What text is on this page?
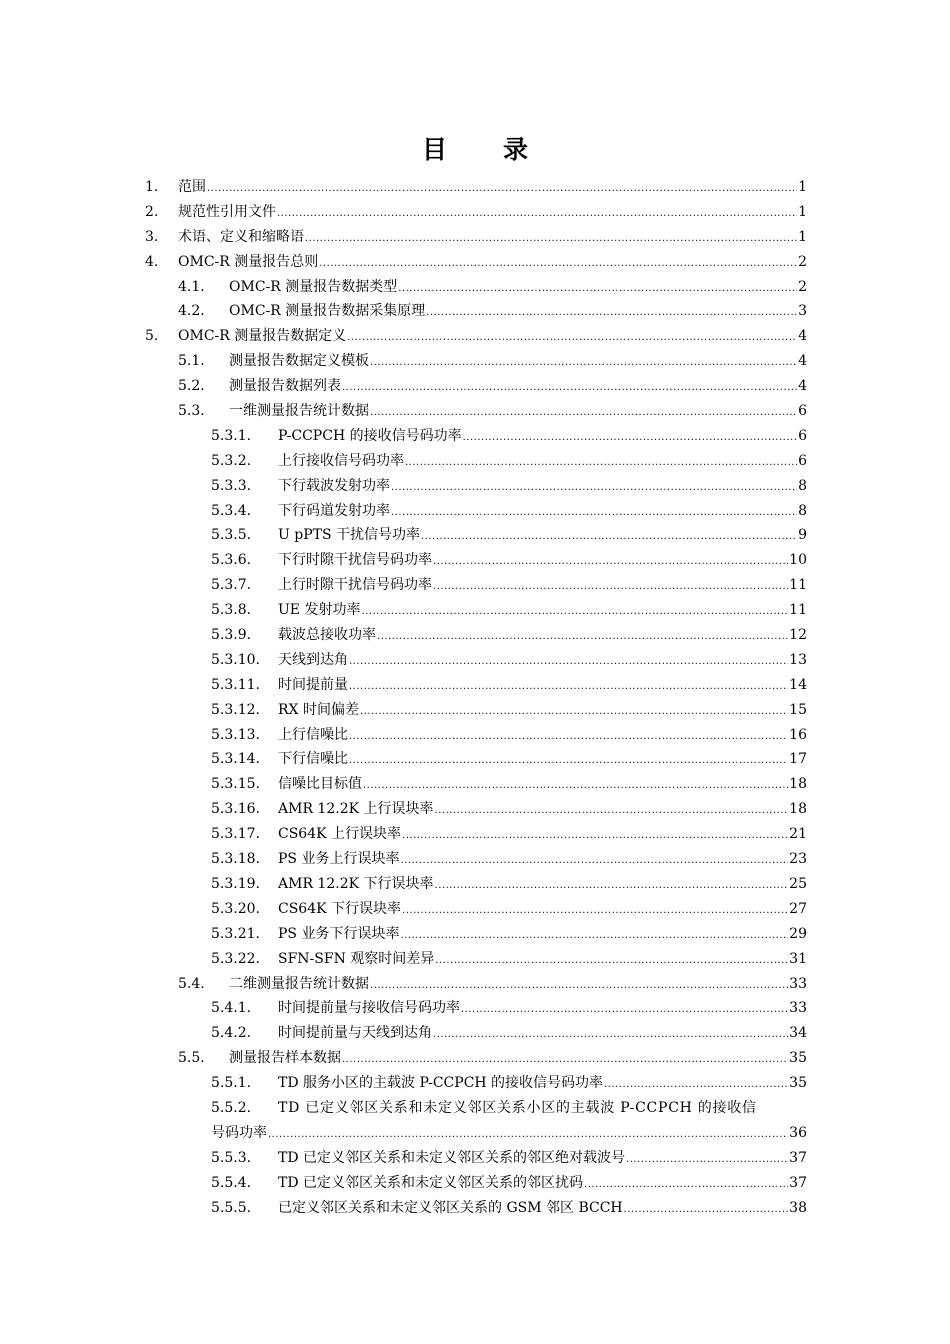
目 录
1.	范围 .....	1
2.	规范性引用文件 .....	1
3.	术语、定义和缩略语 .....	1
4.	OMC-R 测量报告总则 .....	2
4.1.	OMC-R 测量报告数据类型 .....	2
4.2.	OMC-R 测量报告数据采集原理 .....	3
5.	OMC-R 测量报告数据定义 .....	4
5.1.	测量报告数据定义模板 .....	4
5.2.	测量报告数据列表 .....	4
5.3.	一维测量报告统计数据 .....	6
5.3.1.	P-CCPCH 的接收信号码功率 .....	6
5.3.2.	上行接收信号码功率 .....	6
5.3.3.	下行载波发射功率 .....	8
5.3.4.	下行码道发射功率 .....	8
5.3.5.	U pPTS 干扰信号功率 .....	9
5.3.6.	下行时隙干扰信号码功率 .....	10
5.3.7.	上行时隙干扰信号码功率 .....	11
5.3.8.	UE 发射功率 .....	11
5.3.9.	载波总接收功率 .....	12
5.3.10.	天线到达角 .....	13
5.3.11.	时间提前量 .....	14
5.3.12.	RX 时间偏差 .....	15
5.3.13.	上行信噪比 .....	16
5.3.14.	下行信噪比 .....	17
5.3.15.	信噪比目标值 .....	18
5.3.16.	AMR 12.2K 上行误块率 .....	18
5.3.17.	CS64K 上行误块率 .....	21
5.3.18.	PS 业务上行误块率 .....	23
5.3.19.	AMR 12.2K 下行误块率 .....	25
5.3.20.	CS64K 下行误块率 .....	27
5.3.21.	PS 业务下行误块率 .....	29
5.3.22.	SFN-SFN 观察时间差异 .....	31
5.4.	二维测量报告统计数据 .....	33
5.4.1.	时间提前量与接收信号码功率 .....	33
5.4.2.	时间提前量与天线到达角 .....	34
5.5.	测量报告样本数据 .....	35
5.5.1.	TD 服务小区的主载波 P-CCPCH 的接收信号码功率 .....	35
5.5.2.	TD 已定义邻区关系和未定义邻区关系小区的主载波 P-CCPCH 的接收信
号码功率 .....	36
5.5.3.	TD 已定义邻区关系和未定义邻区关系的邻区绝对载波号 .....	37
5.5.4.	TD 已定义邻区关系和未定义邻区关系的邻区扰码 .....	37
5.5.5.	已定义邻区关系和未定义邻区关系的 GSM 邻区 BCCH .....	38
